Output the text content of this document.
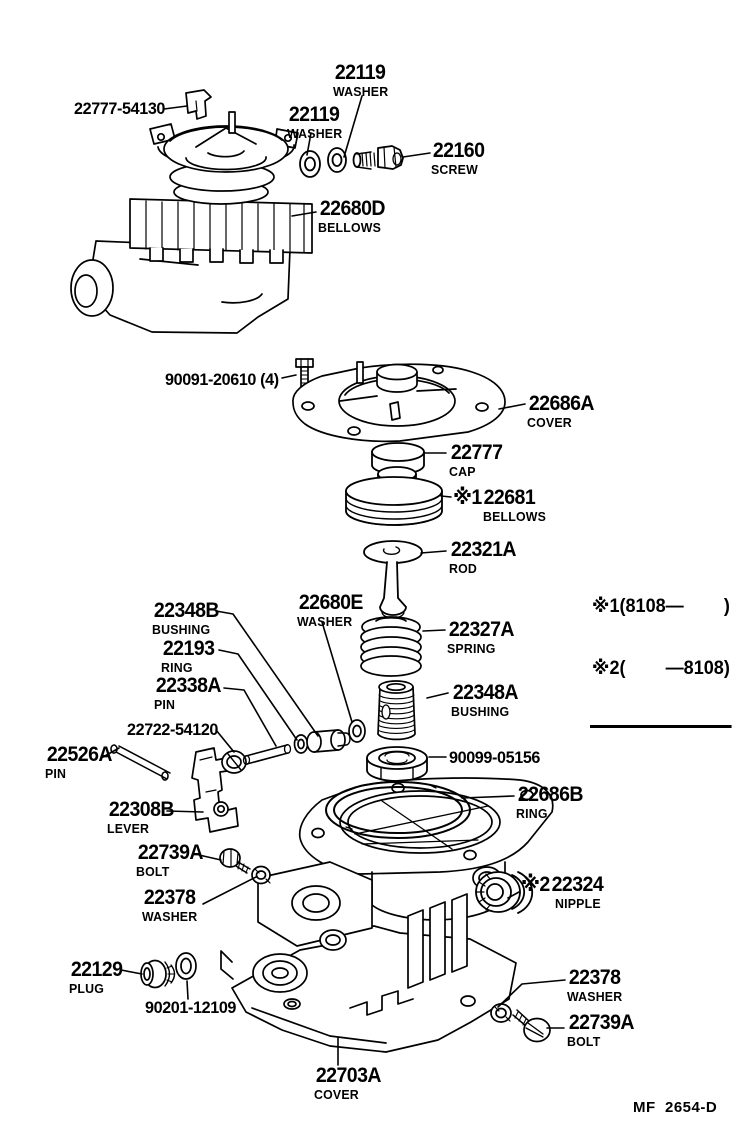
22119
WASHER
22777-54130	22119
WASHER
22160
SCREW
22680D
BELLOWS
90091-20610 (4)
22686A
COVER
22777
CAP
※122681
BELLOWS
22321A
ROD
22348B
BUSHING
22680E
WASHER	22327A
SPRING
22193
RING
22338A
PIN
22348A
BUSHING
22722-54120
22526A
PIN
90099-05156
22308B
LEVER
22686B
RING
22739A
BOLT
※222324
NIPPLE
22378
WASHER
22129
PLUG
90201-12109
22378
WASHER
22739A
BOLT
22703A
COVER

※1(8108—        )

※2(        —8108)

MF  2654-D
